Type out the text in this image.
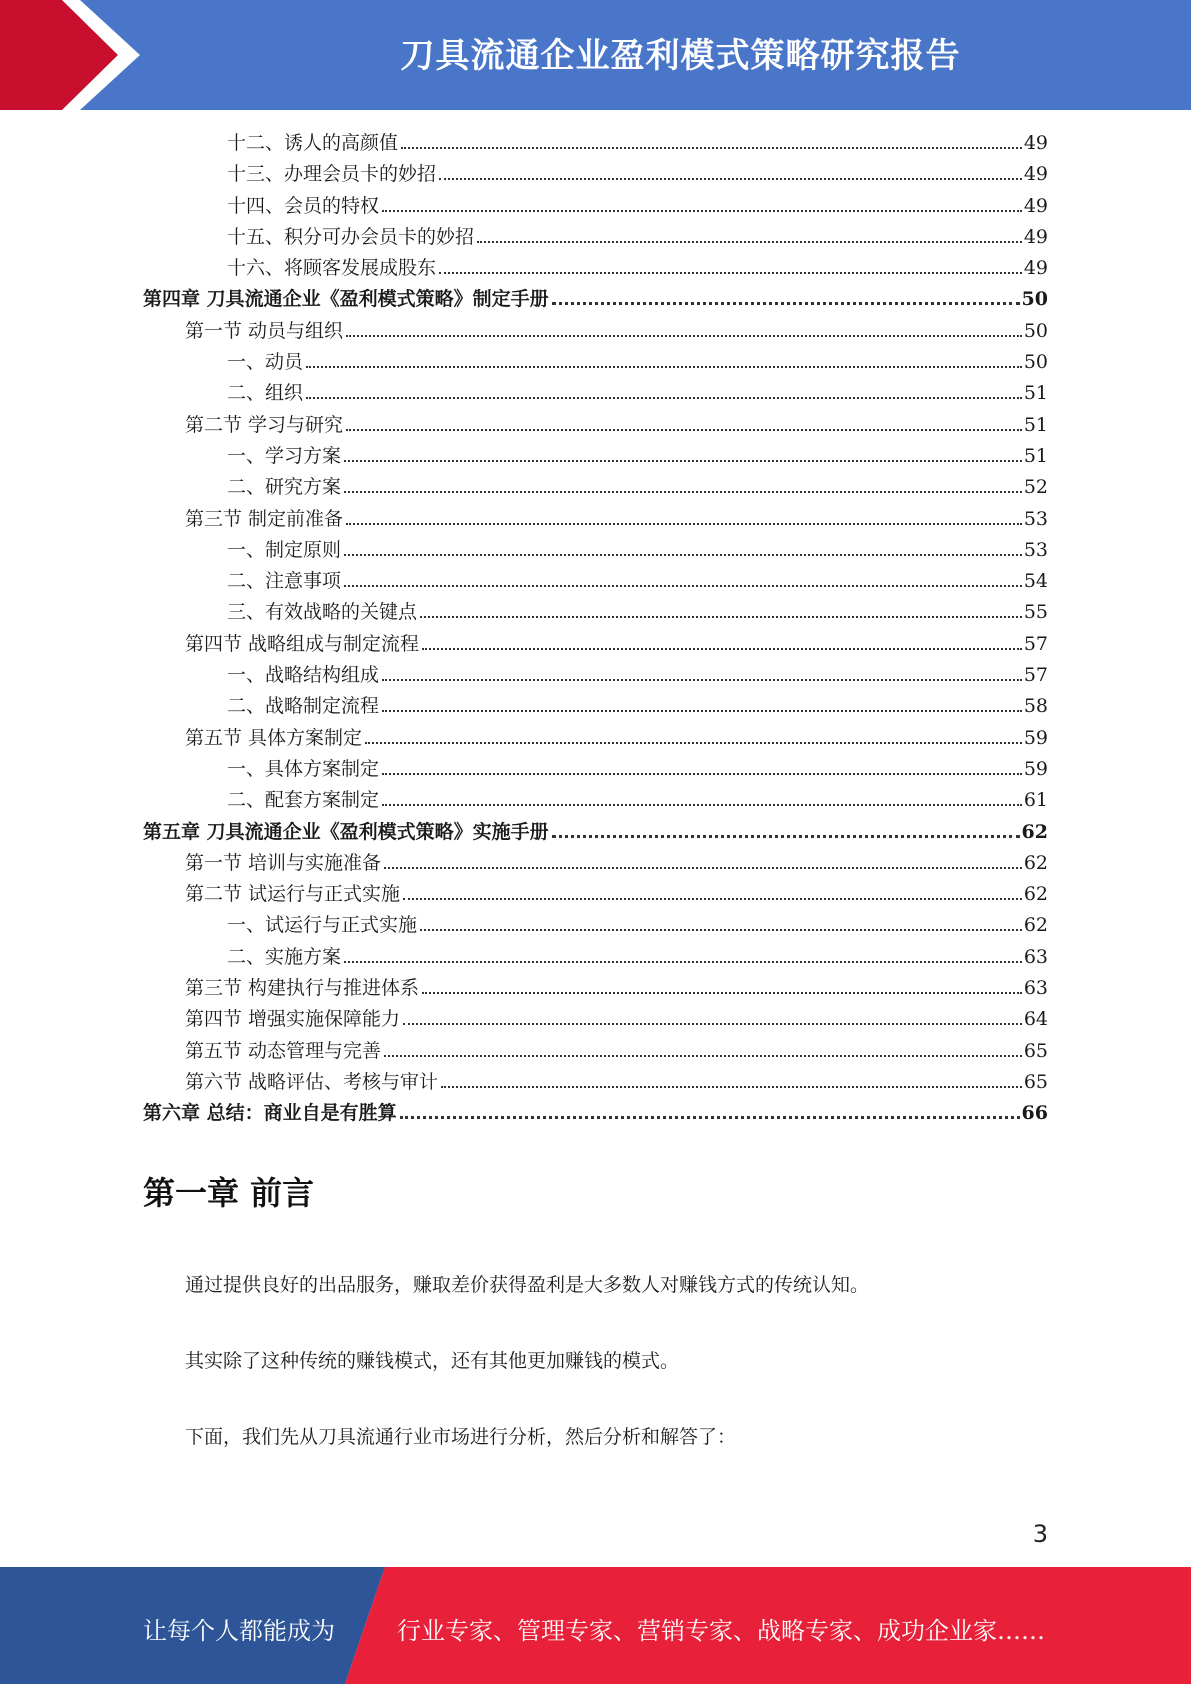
刀具流通企业盈利模式策略研究报告
十二、诱人的高颜值	49
十三、办理会员卡的妙招	49
十四、会员的特权	49
十五、积分可办会员卡的妙招	49
十六、将顾客发展成股东	49
第四章 刀具流通企业《盈利模式策略》制定手册	50
第一节 动员与组织	50
一、动员	50
二、组织	51
第二节 学习与研究	51
一、学习方案	51
二、研究方案	52
第三节 制定前准备	53
一、制定原则	53
二、注意事项	54
三、有效战略的关键点	55
第四节 战略组成与制定流程	57
一、战略结构组成	57
二、战略制定流程	58
第五节 具体方案制定	59
一、具体方案制定	59
二、配套方案制定	61
第五章 刀具流通企业《盈利模式策略》实施手册	62
第一节 培训与实施准备	62
第二节 试运行与正式实施	62
一、试运行与正式实施	62
二、实施方案	63
第三节 构建执行与推进体系	63
第四节 增强实施保障能力	64
第五节 动态管理与完善	65
第六节 战略评估、考核与审计	65
第六章 总结：商业自是有胜算	66
第一章 前言
通过提供良好的出品服务，赚取差价获得盈利是大多数人对赚钱方式的传统认知。
其实除了这种传统的赚钱模式，还有其他更加赚钱的模式。
下面，我们先从刀具流通行业市场进行分析，然后分析和解答了：
3
让每个人都能成为	行业专家、管理专家、营销专家、战略专家、成功企业家……
